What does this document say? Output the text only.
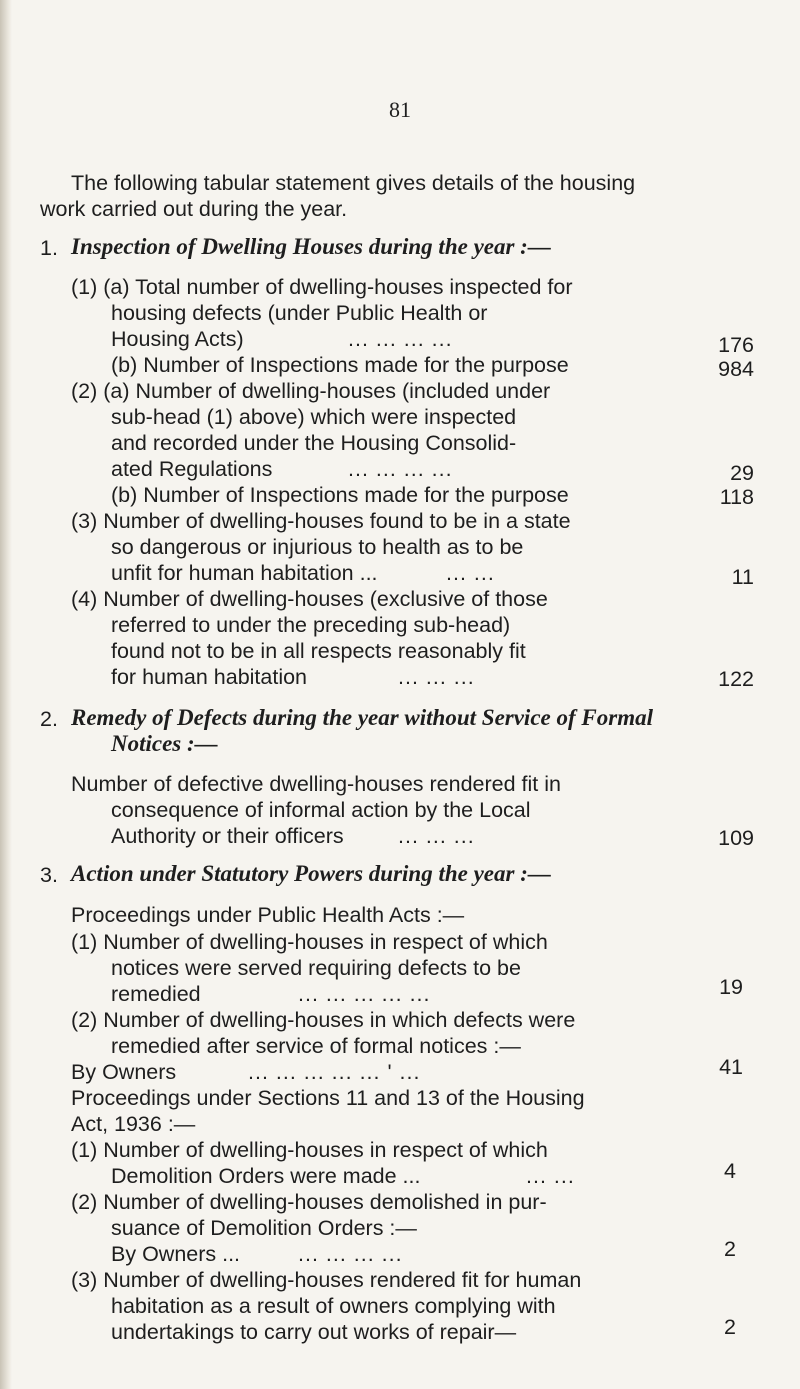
81
The following tabular statement gives details of the housing
work carried out during the year.
1. Inspection of Dwelling Houses during the year :—
(1) (a) Total number of dwelling-houses inspected for
housing defects (under Public Health or
Housing Acts)	... ... ... ...	176
(b) Number of Inspections made for the purpose	984
(2) (a) Number of dwelling-houses (included under
sub-head (1) above) which were inspected
and recorded under the Housing Consolid-
ated Regulations	... ... ... ...	29
(b) Number of Inspections made for the purpose	118
(3) Number of dwelling-houses found to be in a state
so dangerous or injurious to health as to be
unfit for human habitation ...	... ...	11
(4) Number of dwelling-houses (exclusive of those
referred to under the preceding sub-head)
found not to be in all respects reasonably fit
for human habitation	... ... ...	122
2. Remedy of Defects during the year without Service of Formal
Notices :—
Number of defective dwelling-houses rendered fit in
consequence of informal action by the Local
Authority or their officers	... ... ...	109
3. Action under Statutory Powers during the year :—
Proceedings under Public Health Acts :—
(1) Number of dwelling-houses in respect of which
notices were served requiring defects to be
remedied	... ... ... ... ...	19
(2) Number of dwelling-houses in which defects were
remedied after service of formal notices :—
By Owners	... ... ... ... ... ' ...	41
Proceedings under Sections 11 and 13 of the Housing
Act, 1936 :—
(1) Number of dwelling-houses in respect of which
Demolition Orders were made ...	... ...	4
(2) Number of dwelling-houses demolished in pur-
suance of Demolition Orders :—
By Owners ...	... ... ... ...	2
(3) Number of dwelling-houses rendered fit for human
habitation as a result of owners complying with
undertakings to carry out works of repair—	2
